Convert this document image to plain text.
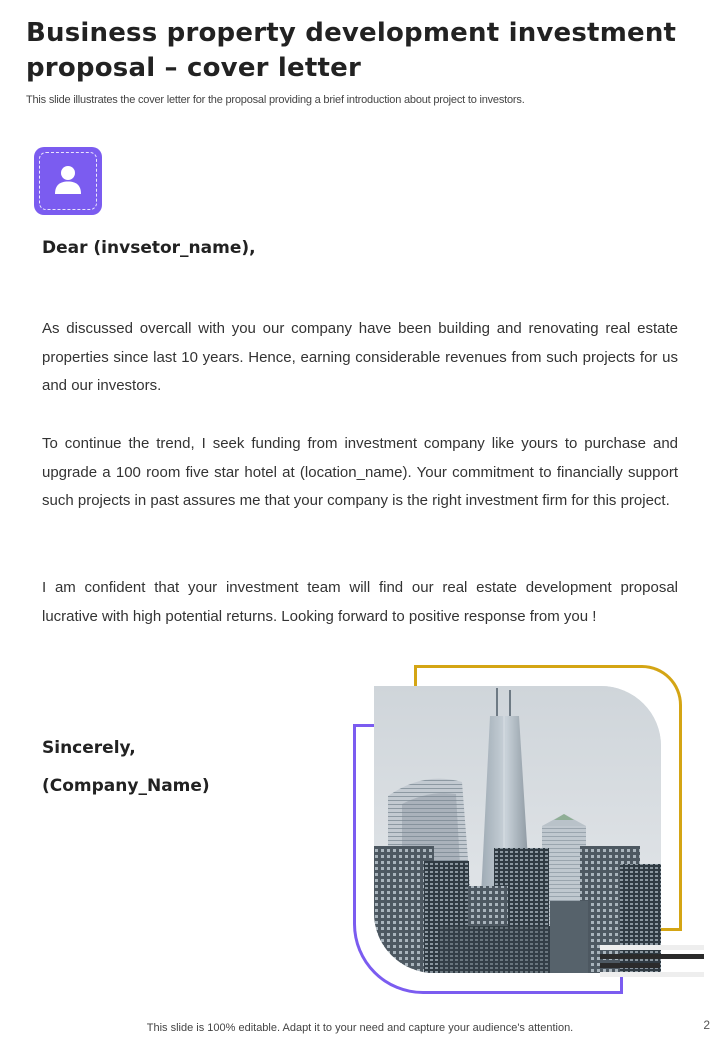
Business property development investment proposal – cover letter

This slide illustrates the cover letter for the proposal providing a brief introduction about project to investors.

Dear (invsetor_name),

As discussed overcall with you our company have been building and renovating real estate properties since last 10 years. Hence, earning considerable revenues from such projects for us and our investors.

To continue the trend, I seek funding from investment company like yours to purchase and upgrade a 100 room five star hotel at (location_name). Your commitment to financially support such projects in past assures me that your company is the right investment firm for this project.

I am confident that your investment team will find our real estate development proposal lucrative with high potential returns. Looking forward to positive response from you !

Sincerely,

(Company_Name)

This slide is 100% editable. Adapt it to your need and capture your audience's attention.	2
